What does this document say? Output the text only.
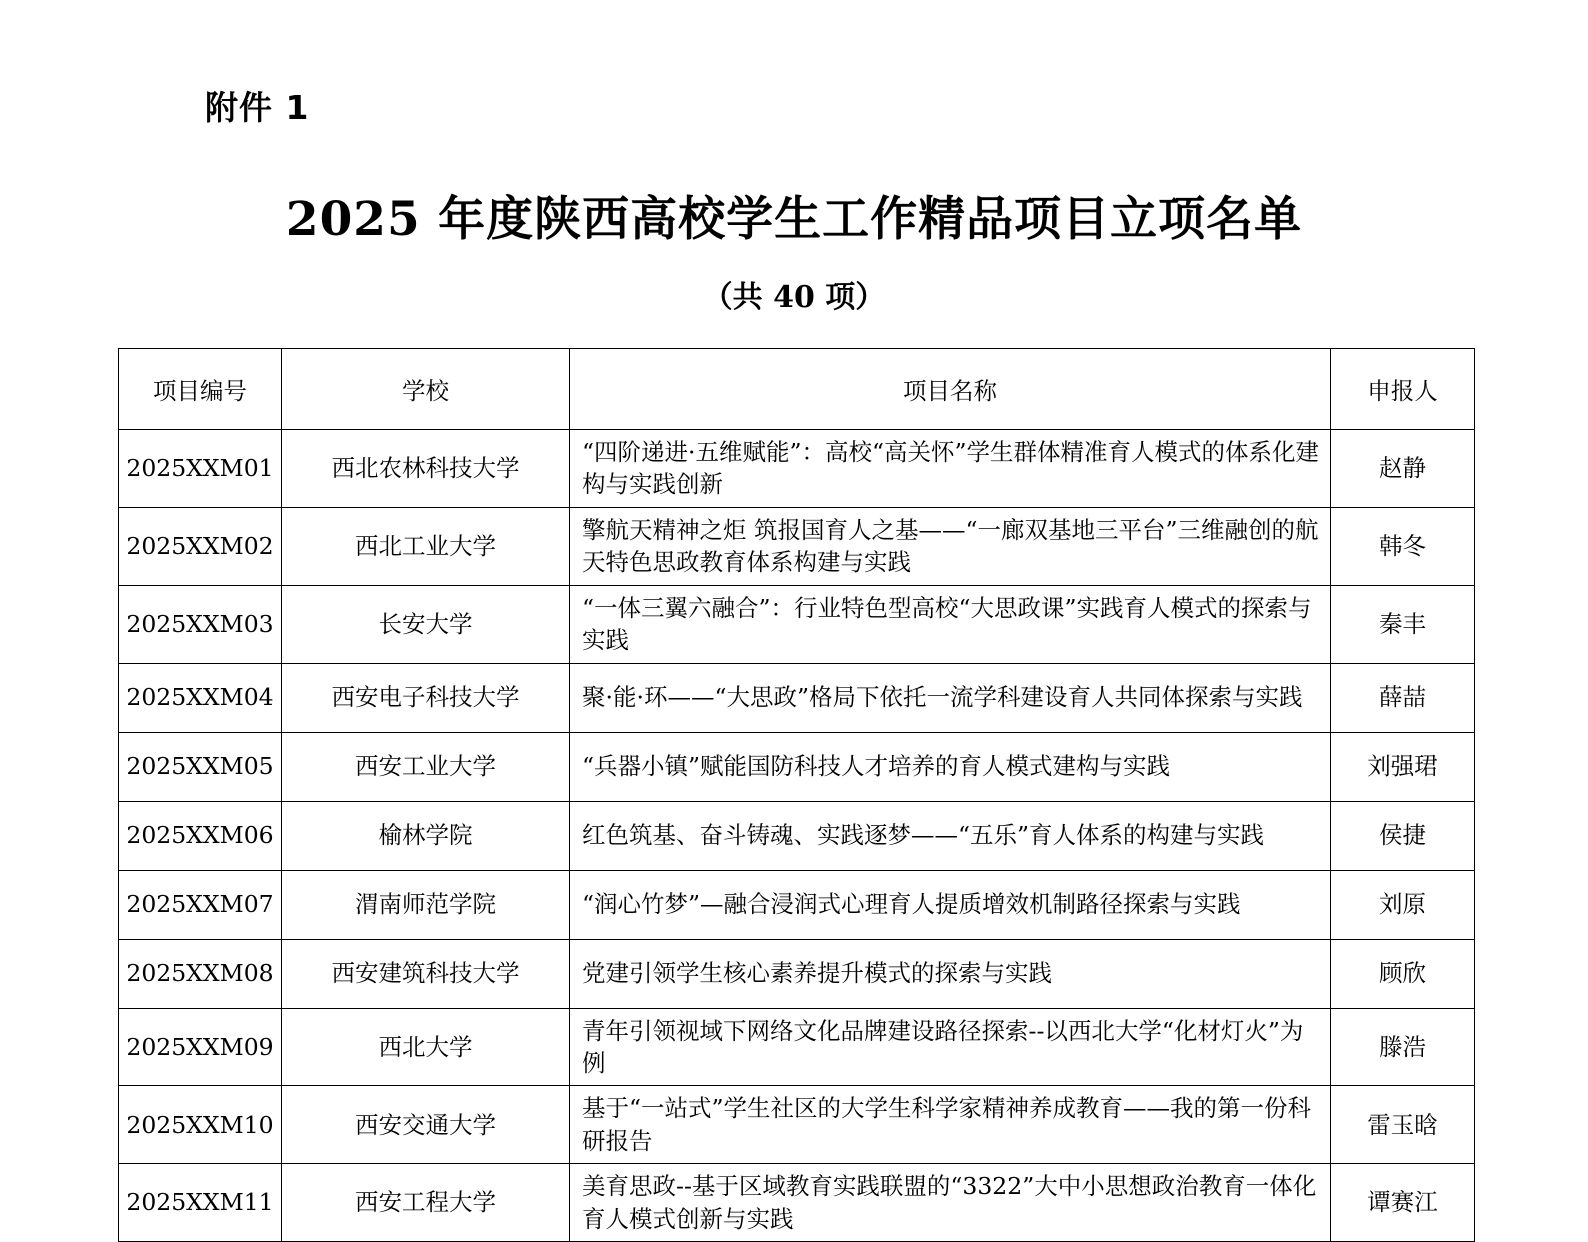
附件 1
2025 年度陕西高校学生工作精品项目立项名单
（共 40 项）
项目编号	学校	项目名称	申报人

2025XXM01	西北农林科技大学	“四阶递进·五维赋能”：高校“高关怀”学生群体精准育人模式的体系化建构与实践创新	赵静

2025XXM02	西北工业大学	擎航天精神之炬 筑报国育人之基——“一廊双基地三平台”三维融创的航天特色思政教育体系构建与实践	韩冬

2025XXM03	长安大学	“一体三翼六融合”：行业特色型高校“大思政课”实践育人模式的探索与实践	秦丰

2025XXM04	西安电子科技大学	聚·能·环——“大思政”格局下依托一流学科建设育人共同体探索与实践	薛喆

2025XXM05	西安工业大学	“兵器小镇”赋能国防科技人才培养的育人模式建构与实践	刘强珺

2025XXM06	榆林学院	红色筑基、奋斗铸魂、实践逐梦——“五乐”育人体系的构建与实践	侯捷

2025XXM07	渭南师范学院	“润心竹梦”—融合浸润式心理育人提质增效机制路径探索与实践	刘原

2025XXM08	西安建筑科技大学	党建引领学生核心素养提升模式的探索与实践	顾欣

2025XXM09	西北大学	青年引领视域下网络文化品牌建设路径探索--以西北大学“化材灯火”为例	滕浩

2025XXM10	西安交通大学	基于“一站式”学生社区的大学生科学家精神养成教育——我的第一份科研报告	雷玉晗

2025XXM11	西安工程大学	美育思政--基于区域教育实践联盟的“3322”大中小思想政治教育一体化育人模式创新与实践	谭赛江
